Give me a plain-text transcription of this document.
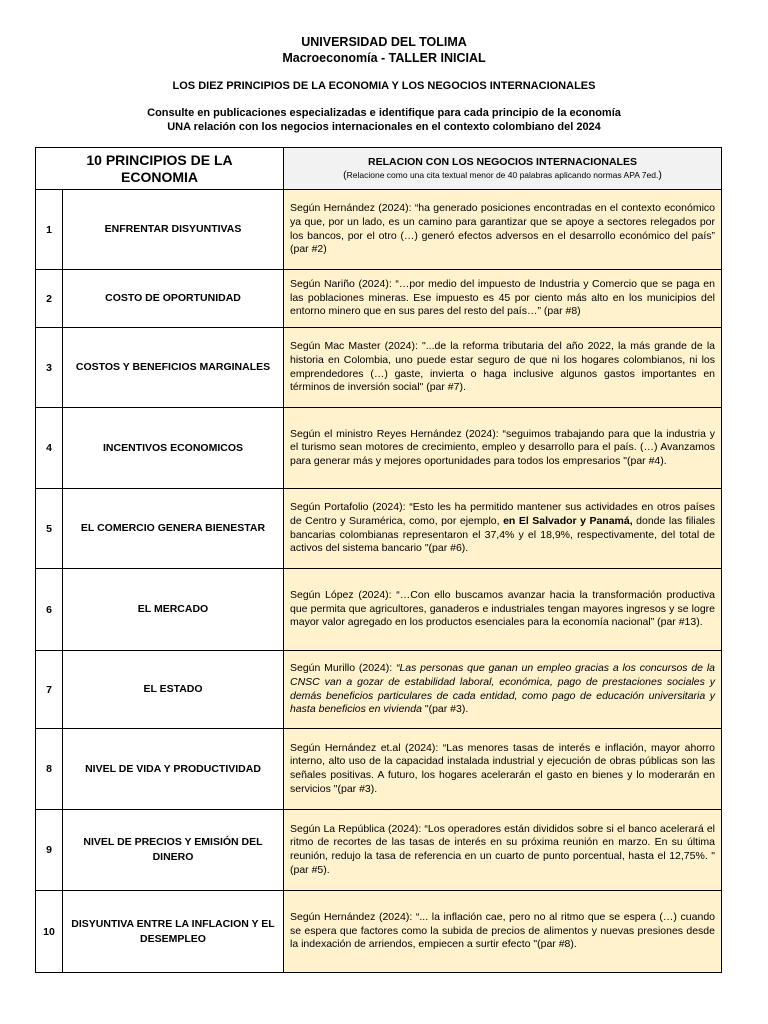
UNIVERSIDAD DEL TOLIMA
Macroeconomía - TALLER INICIAL
LOS DIEZ PRINCIPIOS DE LA ECONOMIA Y LOS NEGOCIOS INTERNACIONALES
Consulte en publicaciones especializadas e identifique para cada principio de la economía
UNA relación con los negocios internacionales en el contexto colombiano del 2024
10 PRINCIPIOS DE LA ECONOMIA		RELACION CON LOS NEGOCIOS INTERNACIONALES
(Relacione como una cita textual menor de 40 palabras aplicando normas APA 7ed.)

1	ENFRENTAR DISYUNTIVAS	Según Hernández (2024): “ha generado posiciones encontradas en el contexto económico ya que, por un lado, es un camino para garantizar que se apoye a sectores relegados por los bancos, por el otro (…) generó efectos adversos en el desarrollo económico del país” (par #2)
2	COSTO DE OPORTUNIDAD	Según Nariño (2024): “…por medio del impuesto de Industria y Comercio que se paga en las poblaciones mineras. Ese impuesto es 45 por ciento más alto en los municipios del entorno minero que en sus pares del resto del país…” (par #8)
3	COSTOS Y BENEFICIOS MARGINALES	Según Mac Master (2024): "...de la reforma tributaria del año 2022, la más grande de la historia en Colombia, uno puede estar seguro de que ni los hogares colombianos, ni los emprendedores (…) gaste, invierta o haga inclusive algunos gastos importantes en términos de inversión social" (par #7).
4	INCENTIVOS ECONOMICOS	Según el ministro Reyes Hernández (2024): “seguimos trabajando para que la industria y el turismo sean motores de crecimiento, empleo y desarrollo para el país. (…) Avanzamos para generar más y mejores oportunidades para todos los empresarios "(par #4).
5	EL COMERCIO GENERA BIENESTAR	Según Portafolio (2024): “Esto les ha permitido mantener sus actividades en otros países de Centro y Suramérica, como, por ejemplo, en El Salvador y Panamá, donde las filiales bancarias colombianas representaron el 37,4% y el 18,9%, respectivamente, del total de activos del sistema bancario "(par #6).
6	EL MERCADO	Según López (2024): “…Con ello buscamos avanzar hacia la transformación productiva que permita que agricultores, ganaderos e industriales tengan mayores ingresos y se logre mayor valor agregado en los productos esenciales para la economía nacional” (par #13).
7	EL ESTADO	Según Murillo (2024): “Las personas que ganan un empleo gracias a los concursos de la CNSC van a gozar de estabilidad laboral, económica, pago de prestaciones sociales y demás beneficios particulares de cada entidad, como pago de educación universitaria y hasta beneficios en vivienda "(par #3).
8	NIVEL DE VIDA Y PRODUCTIVIDAD	Según Hernández et.al (2024): “Las menores tasas de interés e inflación, mayor ahorro interno, alto uso de la capacidad instalada industrial y ejecución de obras públicas son las señales positivas. A futuro, los hogares acelerarán el gasto en bienes y lo moderarán en servicios "(par #3).
9	NIVEL DE PRECIOS Y EMISIÓN DEL DINERO	Según La República (2024): “Los operadores están divididos sobre si el banco acelerará el ritmo de recortes de las tasas de interés en su próxima reunión en marzo. En su última reunión, redujo la tasa de referencia en un cuarto de punto porcentual, hasta el 12,75%. "(par #5).
10	DISYUNTIVA ENTRE LA INFLACION Y EL DESEMPLEO	Según Hernández (2024): “... la inflación cae, pero no al ritmo que se espera (…) cuando se espera que factores como la subida de precios de alimentos y nuevas presiones desde la indexación de arriendos, empiecen a surtir efecto "(par #8).
